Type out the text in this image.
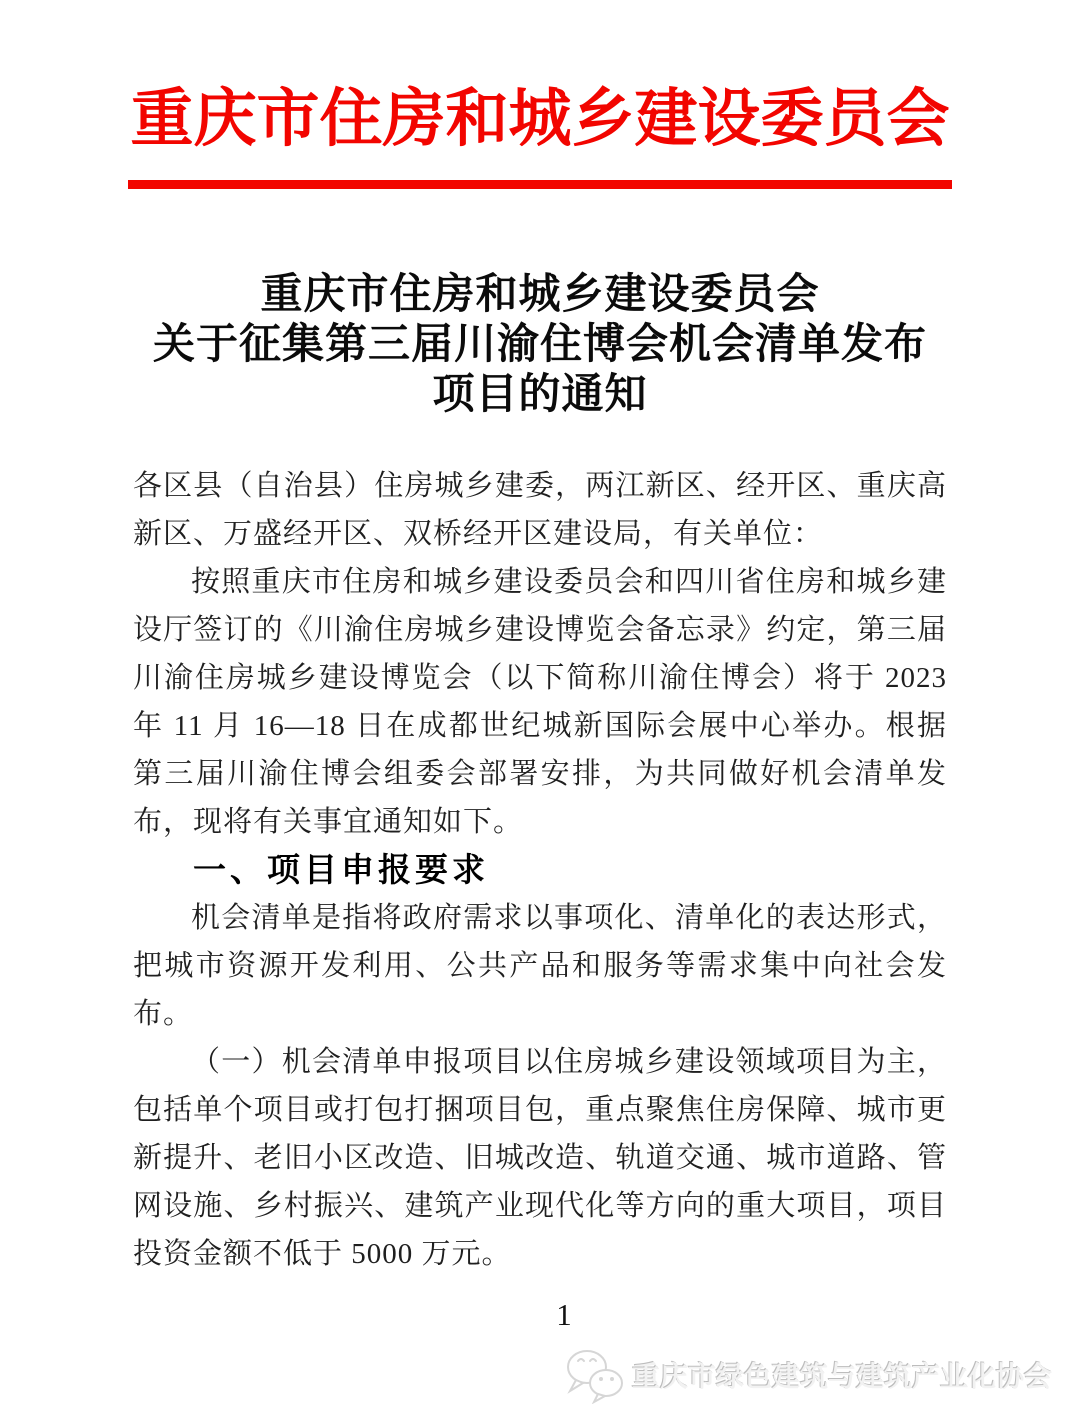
重庆市住房和城乡建设委员会
重庆市住房和城乡建设委员会
关于征集第三届川渝住博会机会清单发布
项目的通知

各区县（自治县）住房城乡建委，两江新区、经开区、重庆高新区、万盛经开区、双桥经开区建设局，有关单位：

按照重庆市住房和城乡建设委员会和四川省住房和城乡建设厅签订的《川渝住房城乡建设博览会备忘录》约定，第三届川渝住房城乡建设博览会（以下简称川渝住博会）将于 2023 年 11 月 16—18 日在成都世纪城新国际会展中心举办。根据第三届川渝住博会组委会部署安排，为共同做好机会清单发布，现将有关事宜通知如下。

一、项目申报要求

机会清单是指将政府需求以事项化、清单化的表达形式，把城市资源开发利用、公共产品和服务等需求集中向社会发布。

（一）机会清单申报项目以住房城乡建设领域项目为主，包括单个项目或打包打捆项目包，重点聚焦住房保障、城市更新提升、老旧小区改造、旧城改造、轨道交通、城市道路、管网设施、乡村振兴、建筑产业现代化等方向的重大项目，项目投资金额不低于 5000 万元。

1
重庆市绿色建筑与建筑产业化协会
